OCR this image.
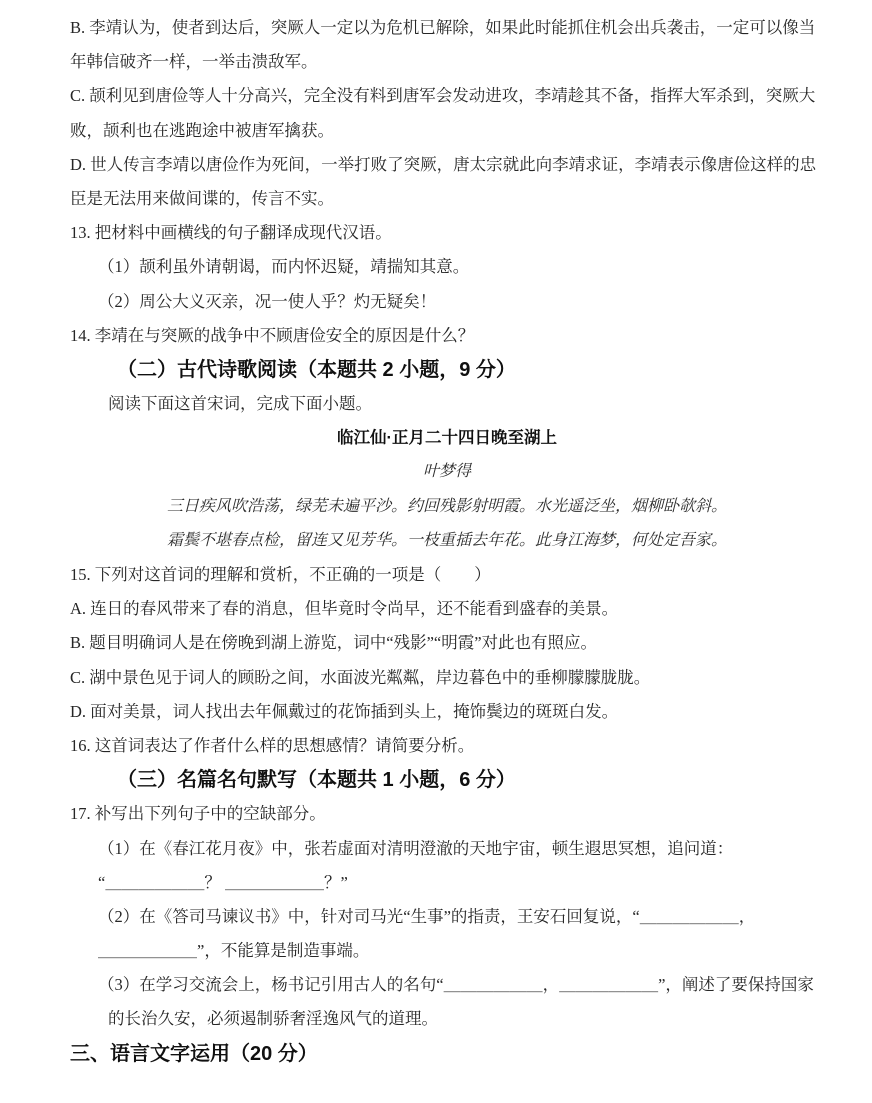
B. 李靖认为，使者到达后，突厥人一定以为危机已解除，如果此时能抓住机会出兵袭击，一定可以像当

年韩信破齐一样，一举击溃敌军。

C. 颉利见到唐俭等人十分高兴，完全没有料到唐军会发动进攻，李靖趁其不备，指挥大军杀到，突厥大

败，颉利也在逃跑途中被唐军擒获。

D. 世人传言李靖以唐俭作为死间，一举打败了突厥，唐太宗就此向李靖求证，李靖表示像唐俭这样的忠

臣是无法用来做间谍的，传言不实。

13. 把材料中画横线的句子翻译成现代汉语。

（1）颉利虽外请朝谒，而内怀迟疑，靖揣知其意。

（2）周公大义灭亲，况一使人乎？灼无疑矣！

14. 李靖在与突厥的战争中不顾唐俭安全的原因是什么？

（二）古代诗歌阅读（本题共 2 小题，9 分）

阅读下面这首宋词，完成下面小题。

临江仙·正月二十四日晚至湖上

叶梦得

三日疾风吹浩荡，绿芜未遍平沙。约回残影射明霞。水光遥泛坐，烟柳卧欹斜。

霜鬓不堪春点检，留连又见芳华。一枝重插去年花。此身江海梦，何处定吾家。

15. 下列对这首词的理解和赏析，不正确的一项是（　　）

A. 连日的春风带来了春的消息，但毕竟时令尚早，还不能看到盛春的美景。

B. 题目明确词人是在傍晚到湖上游览，词中“残影”“明霞”对此也有照应。

C. 湖中景色见于词人的顾盼之间，水面波光粼粼，岸边暮色中的垂柳朦朦胧胧。

D. 面对美景，词人找出去年佩戴过的花饰插到头上，掩饰鬓边的斑斑白发。

16. 这首词表达了作者什么样的思想感情？请简要分析。

（三）名篇名句默写（本题共 1 小题，6 分）

17. 补写出下列句子中的空缺部分。

（1）在《春江花月夜》中，张若虚面对清明澄澈的天地宇宙，顿生遐思冥想，追问道：

“＿＿＿＿＿＿？ ＿＿＿＿＿＿？”

（2）在《答司马谏议书》中，针对司马光“生事”的指责，王安石回复说，“＿＿＿＿＿＿，

＿＿＿＿＿＿”，不能算是制造事端。

（3）在学习交流会上，杨书记引用古人的名句“＿＿＿＿＿＿，＿＿＿＿＿＿”，阐述了要保持国家

的长治久安，必须遏制骄奢淫逸风气的道理。

三、语言文字运用（20 分）
